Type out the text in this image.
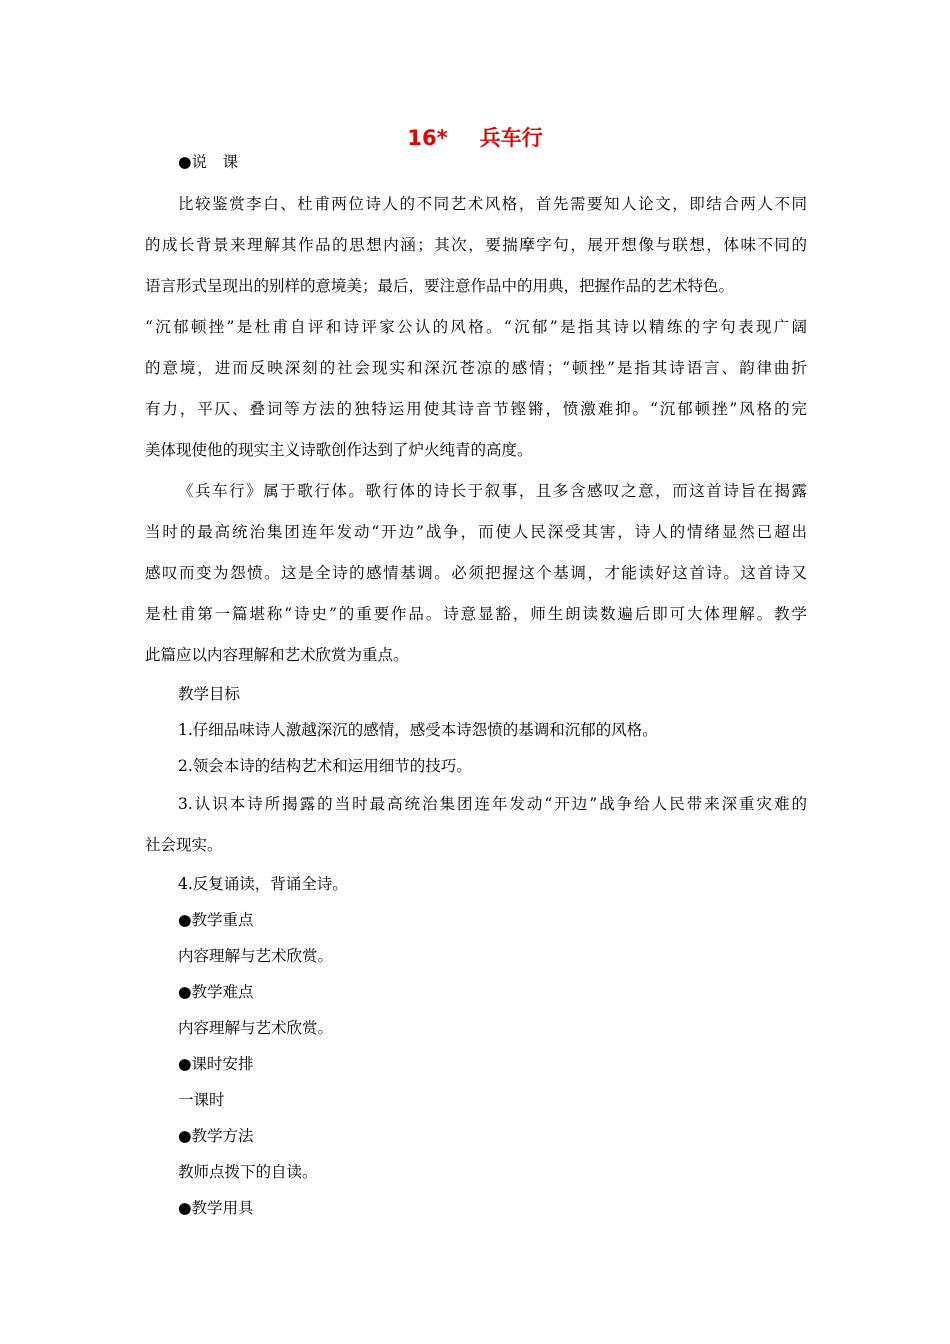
16* 兵车行
●说　课
比较鉴赏李白、杜甫两位诗人的不同艺术风格，首先需要知人论文，即结合两人不同
的成长背景来理解其作品的思想内涵；其次，要揣摩字句，展开想像与联想，体味不同的
语言形式呈现出的别样的意境美；最后，要注意作品中的用典，把握作品的艺术特色。
“沉郁顿挫”是杜甫自评和诗评家公认的风格。“沉郁”是指其诗以精练的字句表现广阔
的意境，进而反映深刻的社会现实和深沉苍凉的感情；“顿挫”是指其诗语言、韵律曲折
有力，平仄、叠词等方法的独特运用使其诗音节铿锵，愤激难抑。“沉郁顿挫”风格的完
美体现使他的现实主义诗歌创作达到了炉火纯青的高度。
《兵车行》属于歌行体。歌行体的诗长于叙事，且多含感叹之意，而这首诗旨在揭露
当时的最高统治集团连年发动“开边”战争，而使人民深受其害，诗人的情绪显然已超出
感叹而变为怨愤。这是全诗的感情基调。必须把握这个基调，才能读好这首诗。这首诗又
是杜甫第一篇堪称“诗史”的重要作品。诗意显豁，师生朗读数遍后即可大体理解。教学
此篇应以内容理解和艺术欣赏为重点。
教学目标
1.仔细品味诗人激越深沉的感情，感受本诗怨愤的基调和沉郁的风格。
2.领会本诗的结构艺术和运用细节的技巧。
3.认识本诗所揭露的当时最高统治集团连年发动“开边”战争给人民带来深重灾难的
社会现实。
4.反复诵读，背诵全诗。
●教学重点
内容理解与艺术欣赏。
●教学难点
内容理解与艺术欣赏。
●课时安排
一课时
●教学方法
教师点拨下的自读。
●教学用具
